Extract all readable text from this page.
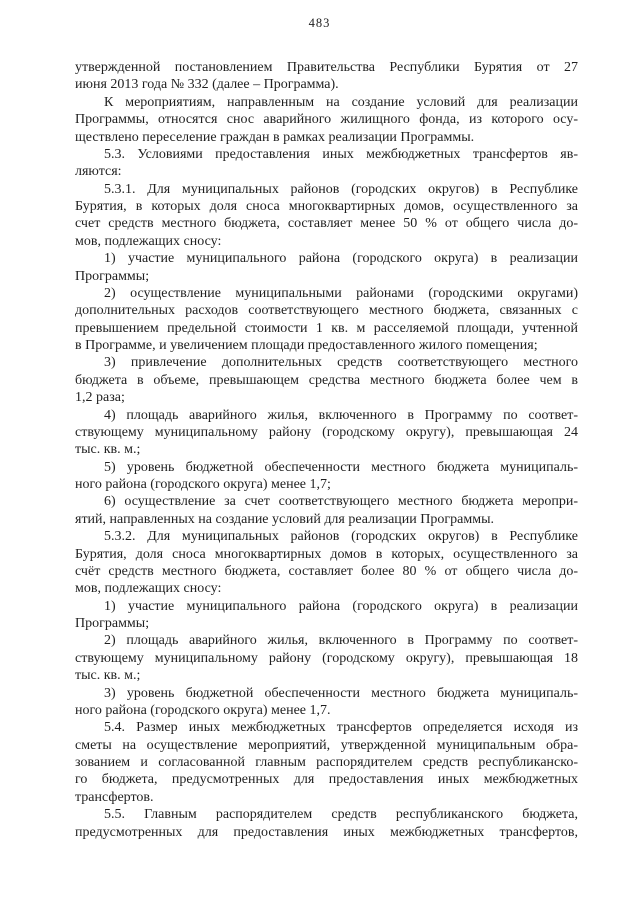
483
утвержденной постановлением Правительства Республики Бурятия от 27
июня 2013 года № 332 (далее – Программа).
К мероприятиям, направленным на создание условий для реализации
Программы, относятся снос аварийного жилищного фонда, из которого осу-
ществлено переселение граждан в рамках реализации Программы.
5.3. Условиями предоставления иных межбюджетных трансфертов яв-
ляются:
5.3.1. Для муниципальных районов (городских округов) в Республике
Бурятия, в которых доля сноса многоквартирных домов, осуществленного за
счет средств местного бюджета, составляет менее 50 % от общего числа до-
мов, подлежащих сносу:
1) участие муниципального района (городского округа) в реализации
Программы;
2) осуществление муниципальными районами (городскими округами)
дополнительных расходов соответствующего местного бюджета, связанных с
превышением предельной стоимости 1 кв. м расселяемой площади, учтенной
в Программе, и увеличением площади предоставленного жилого помещения;
3) привлечение дополнительных средств соответствующего местного
бюджета в объеме, превышающем средства местного бюджета более чем в
1,2 раза;
4) площадь аварийного жилья, включенного в Программу по соответ-
ствующему муниципальному району (городскому округу), превышающая 24
тыс. кв. м.;
5) уровень бюджетной обеспеченности местного бюджета муниципаль-
ного района (городского округа) менее 1,7;
6) осуществление за счет соответствующего местного бюджета меропри-
ятий, направленных на создание условий для реализации Программы.
5.3.2. Для муниципальных районов (городских округов) в Республике
Бурятия, доля сноса многоквартирных домов в которых, осуществленного за
счёт средств местного бюджета, составляет более 80 % от общего числа до-
мов, подлежащих сносу:
1) участие муниципального района (городского округа) в реализации
Программы;
2) площадь аварийного жилья, включенного в Программу по соответ-
ствующему муниципальному району (городскому округу), превышающая 18
тыс. кв. м.;
3) уровень бюджетной обеспеченности местного бюджета муниципаль-
ного района (городского округа) менее 1,7.
5.4. Размер иных межбюджетных трансфертов определяется исходя из
сметы на осуществление мероприятий, утвержденной муниципальным обра-
зованием и согласованной главным распорядителем средств республиканско-
го бюджета, предусмотренных для предоставления иных межбюджетных
трансфертов.
5.5. Главным распорядителем средств республиканского бюджета,
предусмотренных для предоставления иных межбюджетных трансфертов,
